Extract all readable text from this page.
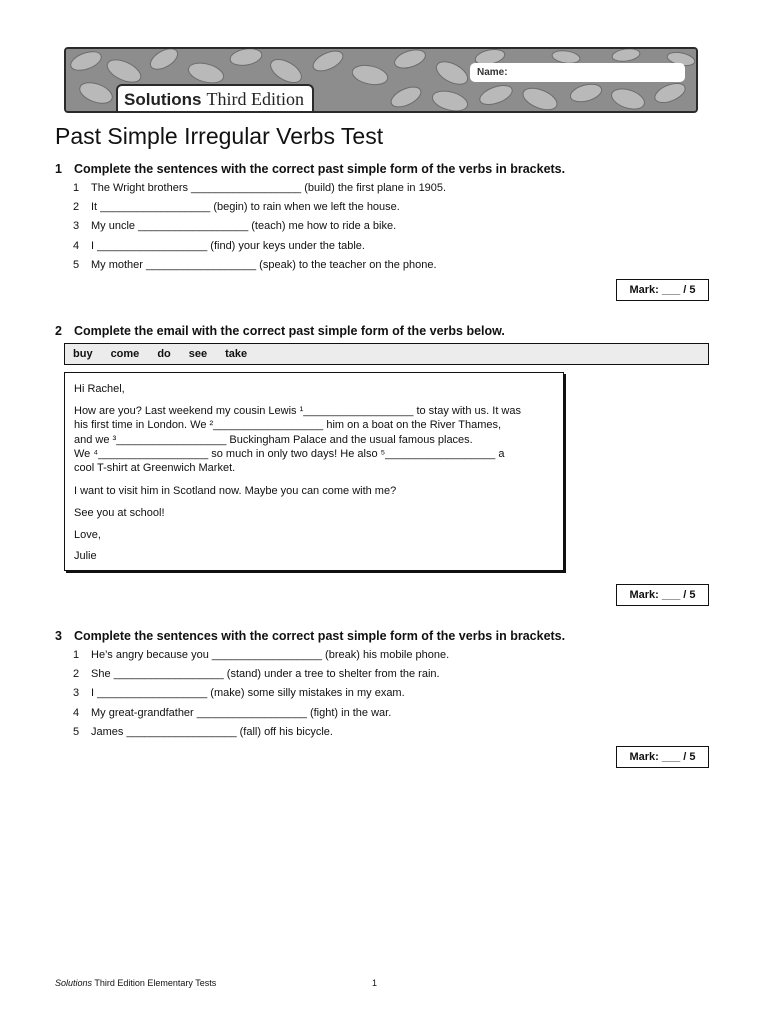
Name:
Solutions Third Edition
Past Simple Irregular Verbs Test
1 Complete the sentences with the correct past simple form of the verbs in brackets.
1 The Wright brothers __________________ (build) the first plane in 1905.
2 It __________________ (begin) to rain when we left the house.
3 My uncle __________________ (teach) me how to ride a bike.
4 I __________________ (find) your keys under the table.
5 My mother __________________ (speak) to the teacher on the phone.
Mark: ___ / 5
2 Complete the email with the correct past simple form of the verbs below.
buy come do see take
Hi Rachel,
How are you? Last weekend my cousin Lewis ¹__________________ to stay with us. It was
his first time in London. We ²__________________ him on a boat on the River Thames,
and we ³__________________ Buckingham Palace and the usual famous places.
We ⁴__________________ so much in only two days! He also ⁵__________________ a
cool T-shirt at Greenwich Market.
I want to visit him in Scotland now. Maybe you can come with me?
See you at school!
Love,
Julie
Mark: ___ / 5
3 Complete the sentences with the correct past simple form of the verbs in brackets.
1 He’s angry because you __________________ (break) his mobile phone.
2 She __________________ (stand) under a tree to shelter from the rain.
3 I __________________ (make) some silly mistakes in my exam.
4 My great-grandfather __________________ (fight) in the war.
5 James __________________ (fall) off his bicycle.
Mark: ___ / 5
Solutions Third Edition Elementary Tests	1
